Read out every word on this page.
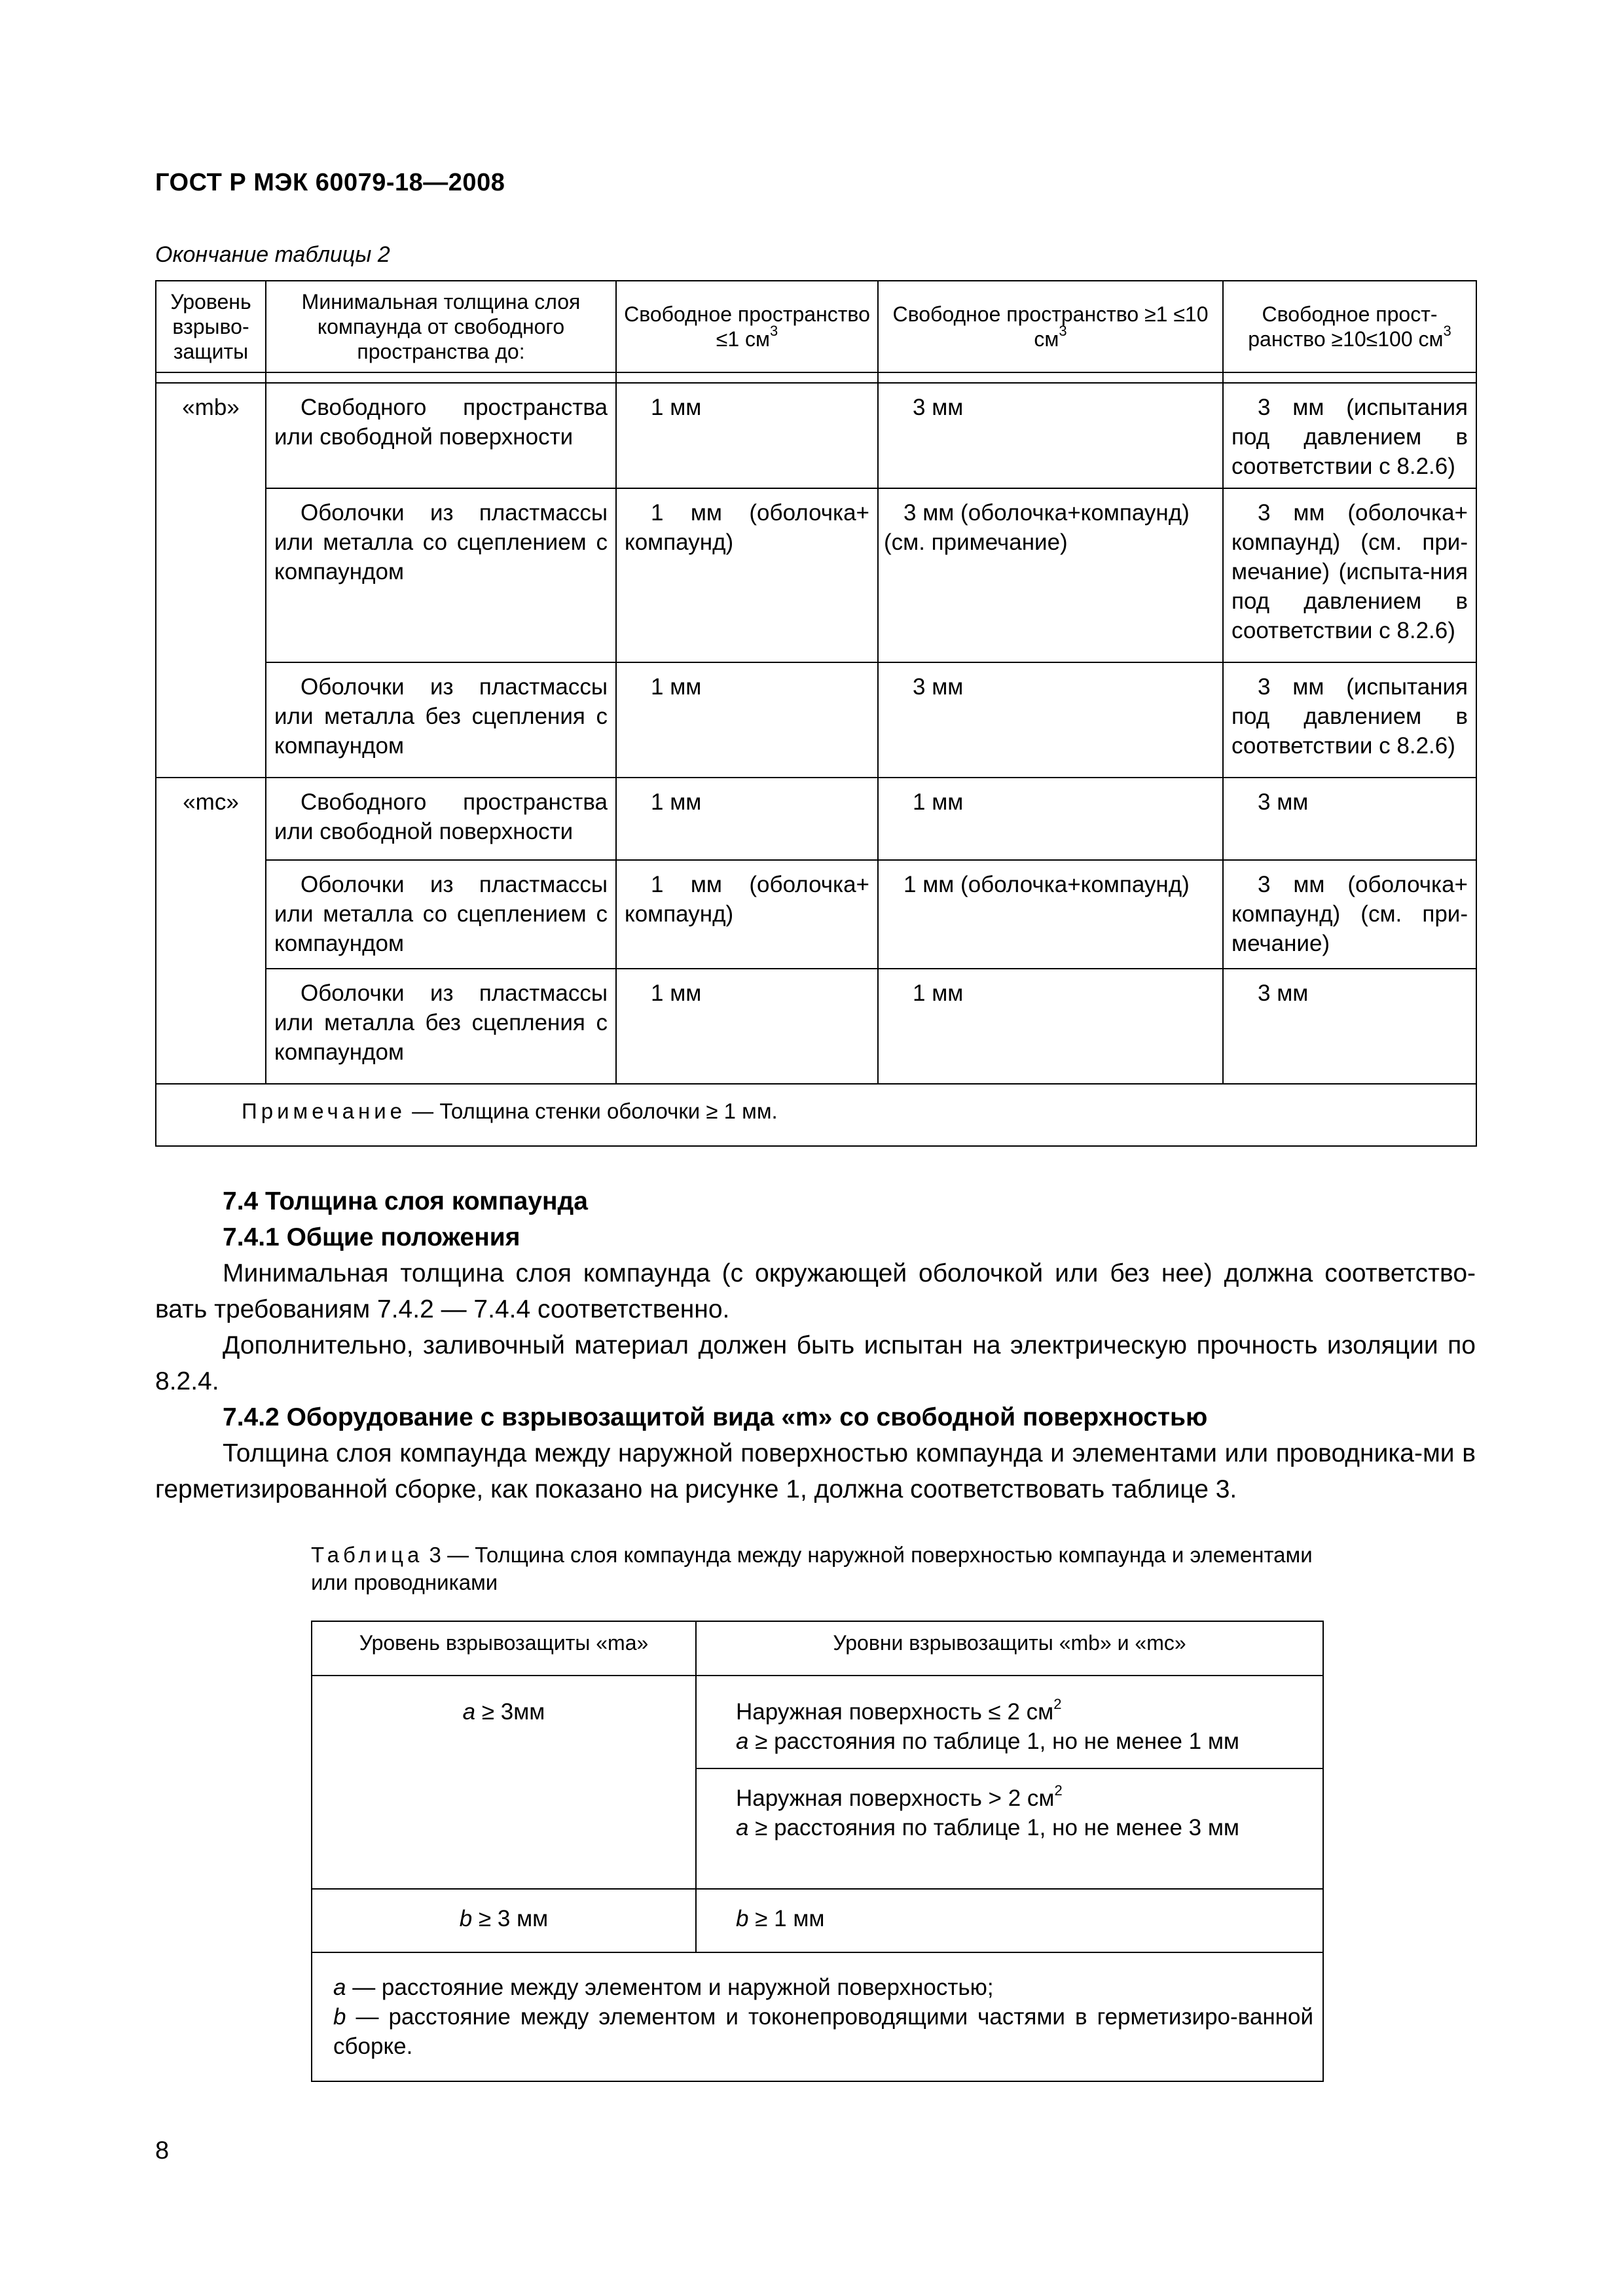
ГОСТ Р МЭК 60079-18—2008
Окончание таблицы 2
Уровень взрыво-защиты	Минимальная толщина слоя компаунда от свободного пространства до:	Свободное пространство ≤1 $см^3$	Свободное пространство ≥1 ≤10 $см^3$	Свободное прост-ранство ≥10≤100 $см^3$

«mb»	Свободного пространства или свободной поверхности	1 мм	3 мм	3 мм (испытания под давлением в соответствии с 8.2.6)
	Оболочки из пластмассы или металла со сцеплением с компаундом	1 мм (оболочка+ компаунд)	3 мм (оболочка+компаунд) (см. примечание)	3 мм (оболочка+ компаунд) (см. при-мечание) (испыта-ния под давлением в соответствии с 8.2.6)
	Оболочки из пластмассы или металла без сцепления с компаундом	1 мм	3 мм	3 мм (испытания под давлением в соответствии с 8.2.6)
«mc»	Свободного пространства или свободной поверхности	1 мм	1 мм	3 мм
	Оболочки из пластмассы или металла со сцеплением с компаундом	1 мм (оболочка+ компаунд)	1 мм (оболочка+компаунд)	3 мм (оболочка+ компаунд) (см. при-мечание)
	Оболочки из пластмассы или металла без сцепления с компаундом	1 мм	1 мм	3 мм
Примечание — Толщина стенки оболочки ≥ 1 мм.				

7.4 Толщина слоя компаунда

7.4.1 Общие положения

Минимальная толщина слоя компаунда (с окружающей оболочкой или без нее) должна соответство-вать требованиям 7.4.2 — 7.4.4 соответственно.

Дополнительно, заливочный материал должен быть испытан на электрическую прочность изоляции по 8.2.4.

7.4.2 Оборудование с взрывозащитой вида «m» со свободной поверхностью

Толщина слоя компаунда между наружной поверхностью компаунда и элементами или проводника-ми в герметизированной сборке, как показано на рисунке 1, должна соответствовать таблице 3.

Таблица 3 — Толщина слоя компаунда между наружной поверхностью компаунда и элементами или проводниками
Уровень взрывозащиты «ma»	Уровни взрывозащиты «mb» и «mc»

a ≥ 3мм	Наружная поверхность ≤ 2 $см^2$
a ≥ расстояния по таблице 1, но не менее 1 мм

	Наружная поверхность > 2 $см^2$
a ≥ расстояния по таблице 1, но не менее 3 мм

b ≥ 3 мм	b ≥ 1 мм

a — расстояние между элементом и наружной поверхностью;
b — расстояние между элементом и токонепроводящими частями в герметизиро-ванной сборке.	
8
